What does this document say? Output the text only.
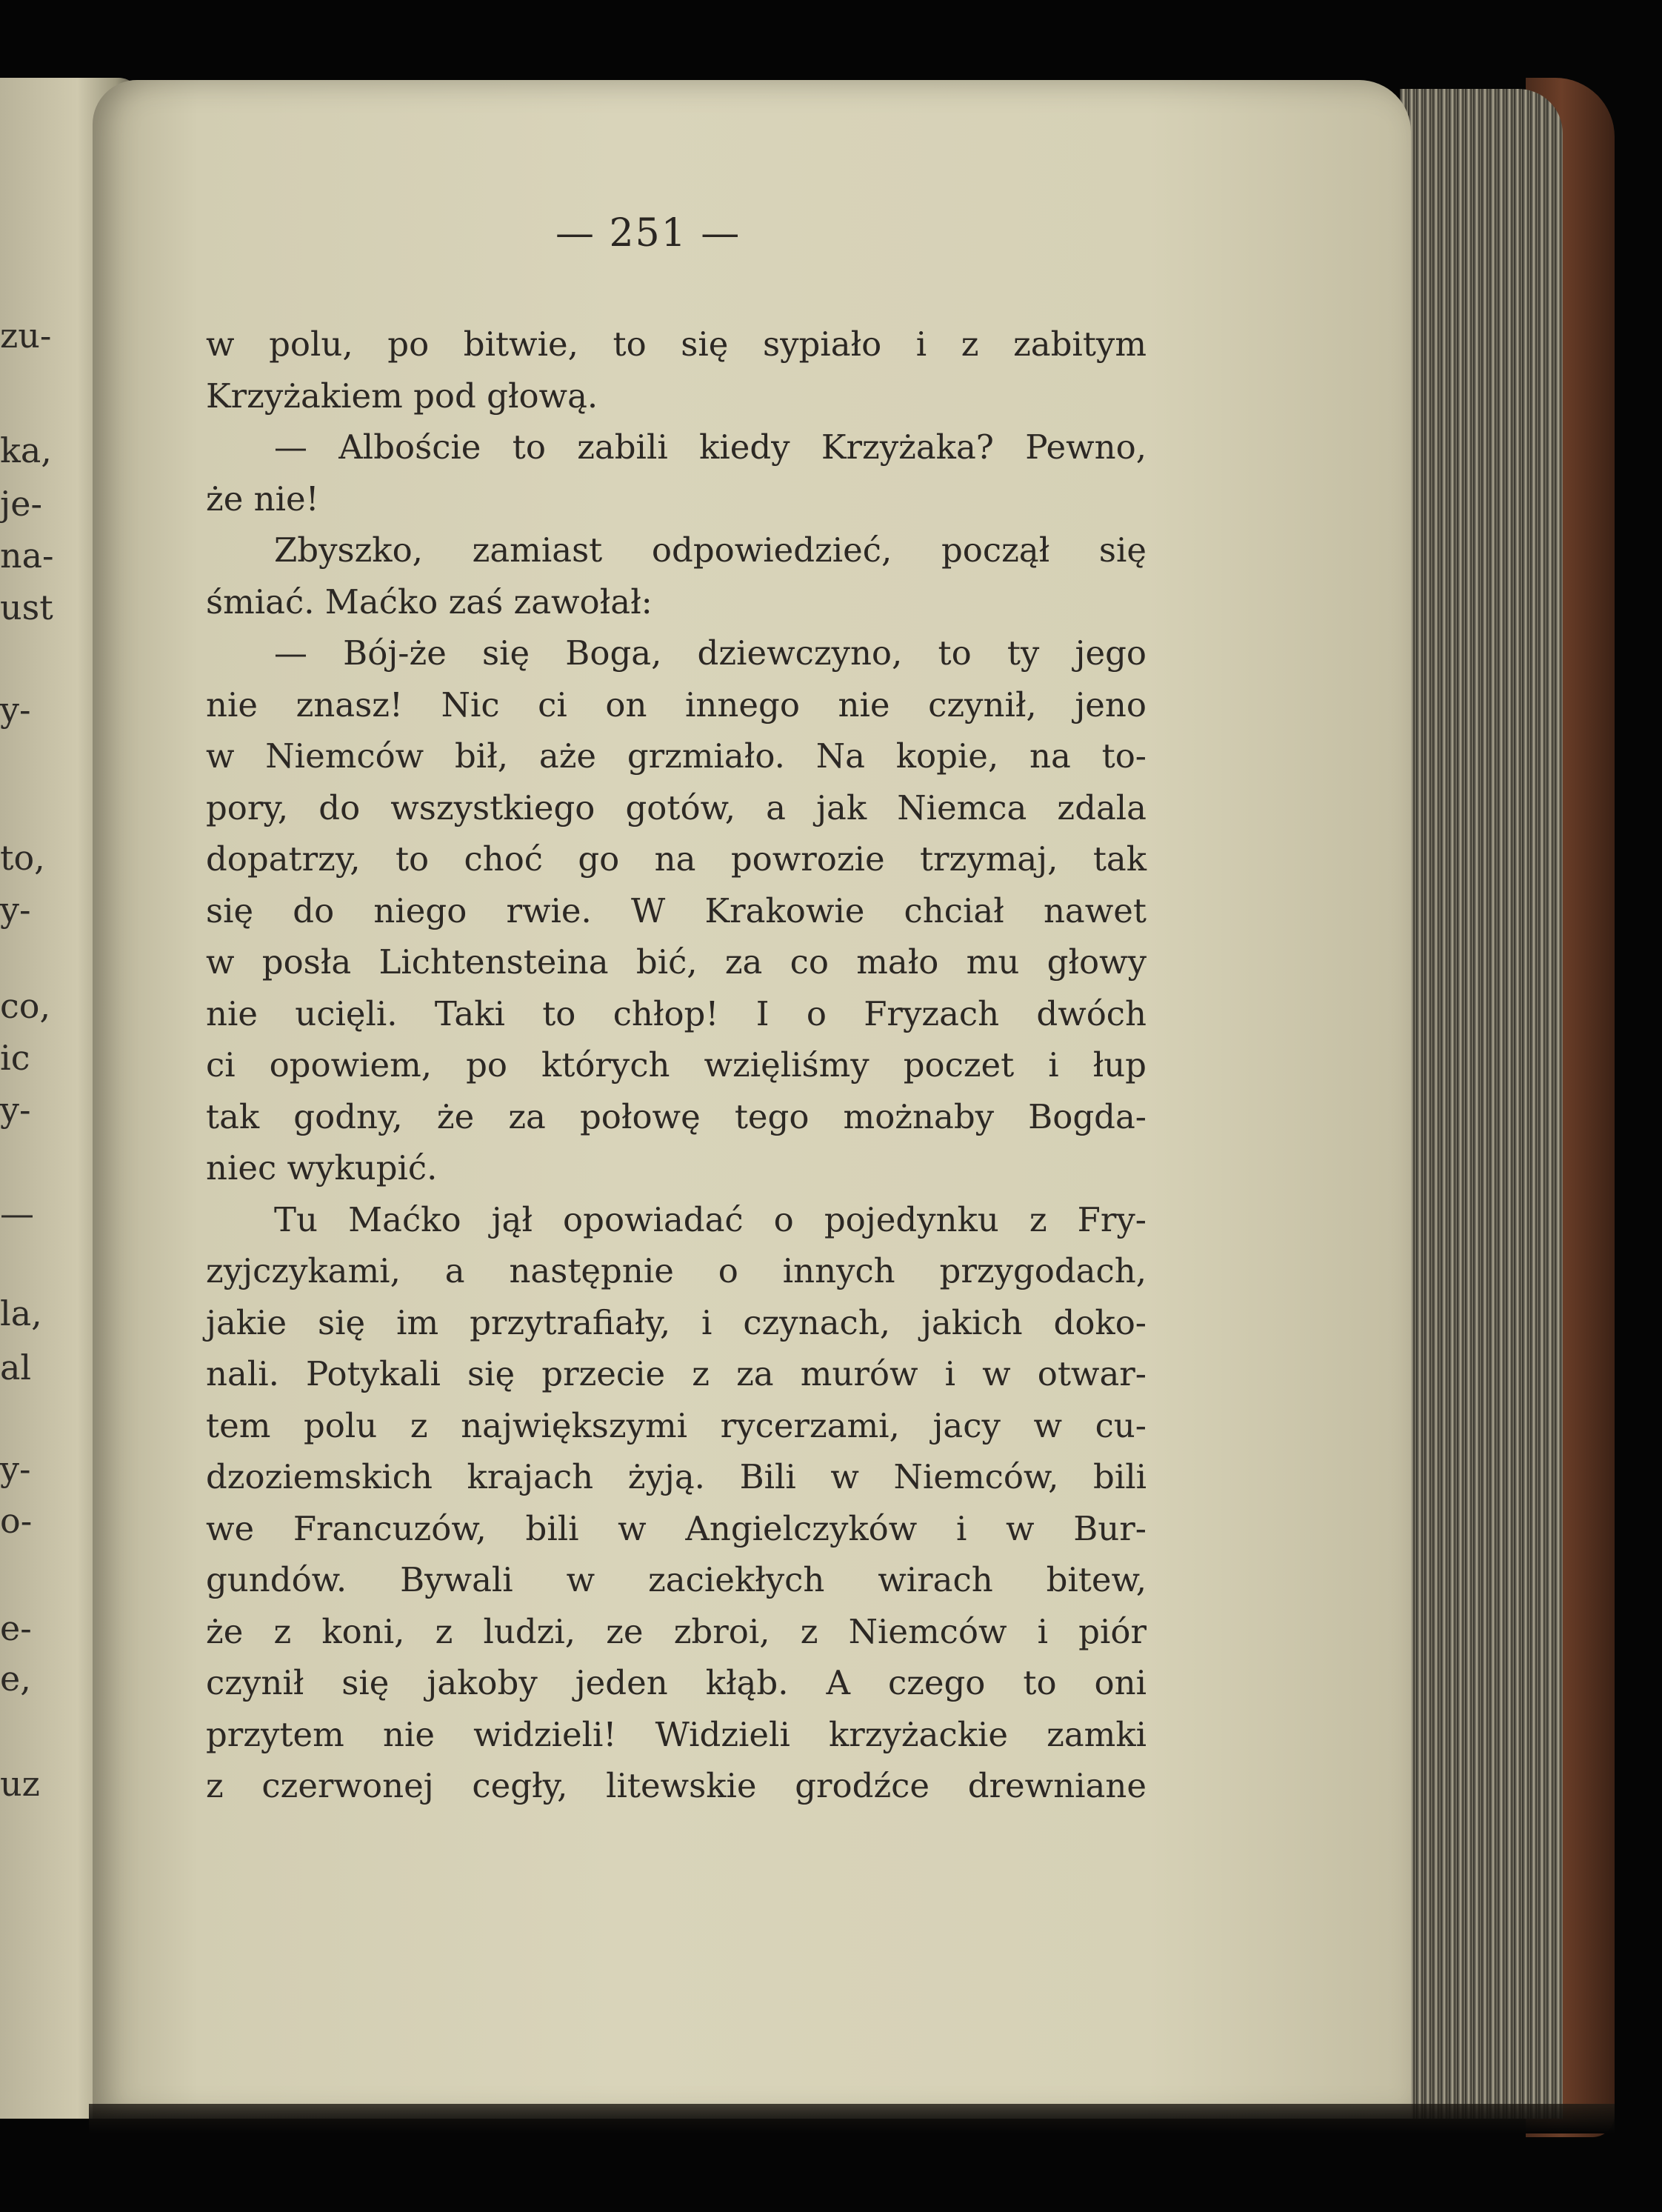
zu-
ka,
je-
na-
ust
y-
to,
y-
co,
ic
y-
—
la,
al
y-
o-
e-
e,
uz
— 251 —
w polu, po bitwie, to się sypiało i z zabitym
Krzyżakiem pod głową.
— Alboście to zabili kiedy Krzyżaka? Pewno,
że nie!
Zbyszko, zamiast odpowiedzieć, począł się
śmiać. Maćko zaś zawołał:
— Bój-że się Boga, dziewczyno, to ty jego
nie znasz! Nic ci on innego nie czynił, jeno
w Niemców bił, aże grzmiało. Na kopie, na to-
pory, do wszystkiego gotów, a jak Niemca zdala
dopatrzy, to choć go na powrozie trzymaj, tak
się do niego rwie. W Krakowie chciał nawet
w posła Lichtensteina bić, za co mało mu głowy
nie ucięli. Taki to chłop! I o Fryzach dwóch
ci opowiem, po których wzięliśmy poczet i łup
tak godny, że za połowę tego możnaby Bogda-
niec wykupić.
Tu Maćko jął opowiadać o pojedynku z Fry-
zyjczykami, a następnie o innych przygodach,
jakie się im przytrafiały, i czynach, jakich doko-
nali. Potykali się przecie z za murów i w otwar-
tem polu z największymi rycerzami, jacy w cu-
dzoziemskich krajach żyją. Bili w Niemców, bili
we Francuzów, bili w Angielczyków i w Bur-
gundów. Bywali w zaciekłych wirach bitew,
że z koni, z ludzi, ze zbroi, z Niemców i piór
czynił się jakoby jeden kłąb. A czego to oni
przytem nie widzieli! Widzieli krzyżackie zamki
z czerwonej cegły, litewskie grodźce drewniane
